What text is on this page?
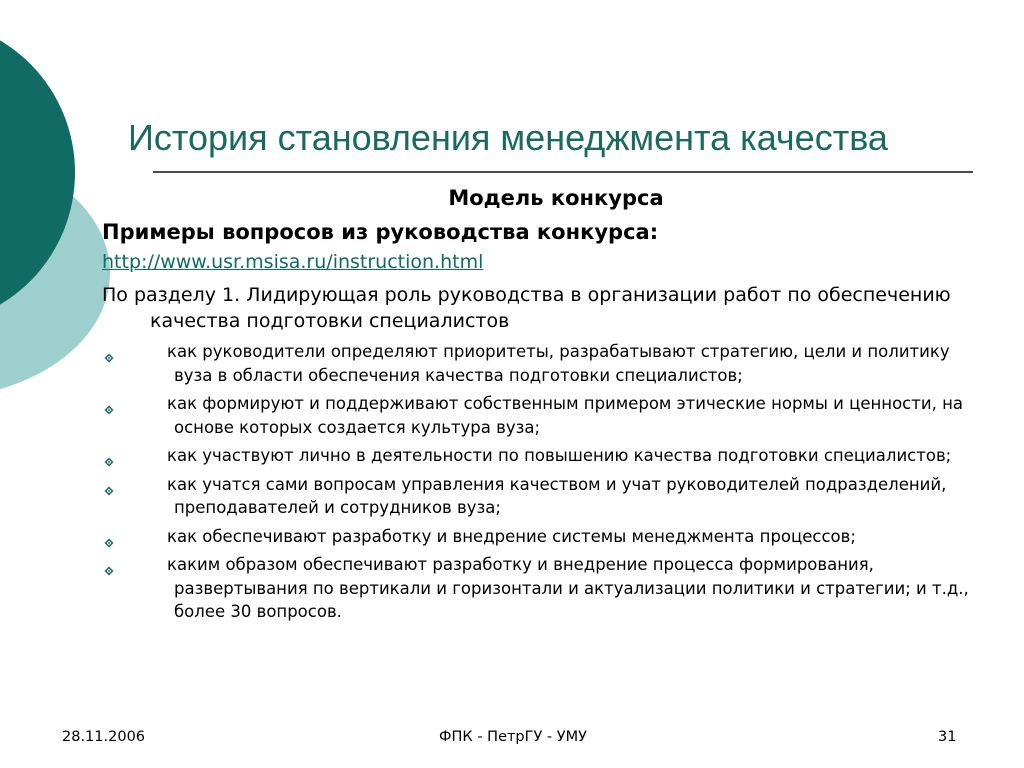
История становления менеджмента качества
Модель конкурса
Примеры вопросов из руководства конкурса:
http://www.usr.msisa.ru/instruction.html
По разделу 1. Лидирующая роль руководства в организации работ по обеспечению качества подготовки специалистов
как руководители определяют приоритеты, разрабатывают стратегию, цели и политику вуза в области обеспечения качества подготовки специалистов;
как формируют и поддерживают собственным примером этические нормы и ценности, на основе которых создается культура вуза;
как участвуют лично в деятельности по повышению качества подготовки специалистов;
как учатся сами вопросам управления качеством и учат руководителей подразделений, преподавателей и сотрудников вуза;
как обеспечивают разработку и внедрение системы менеджмента процессов;
каким образом обеспечивают разработку и внедрение процесса формирования, развертывания по вертикали и горизонтали и актуализации политики и стратегии; и т.д., более 30 вопросов.
28.11.2006	ФПК - ПетрГУ - УМУ	31
